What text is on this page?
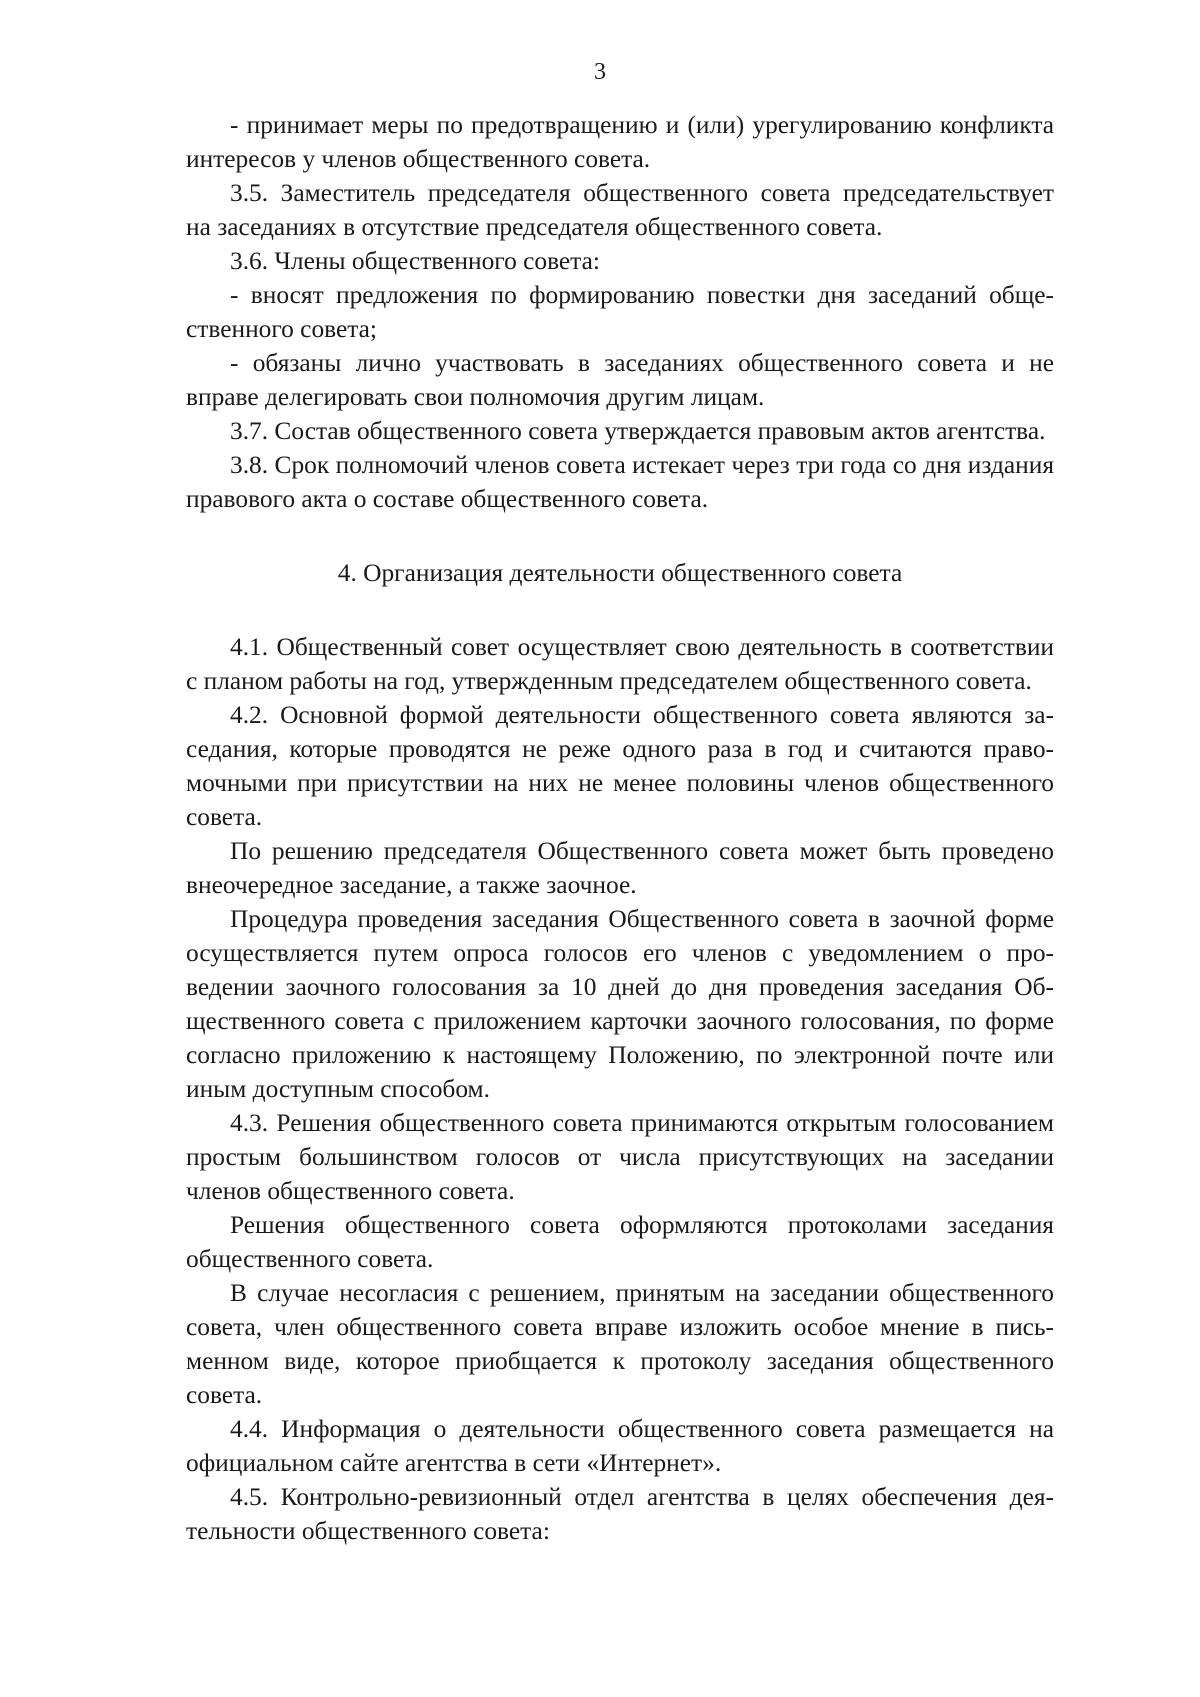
3

- принимает меры по предотвращению и (или) урегулированию конфликта интересов у членов общественного совета.

3.5. Заместитель председателя общественного совета председательствует на заседаниях в отсутствие председателя общественного совета.

3.6. Члены общественного совета:

- вносят предложения по формированию повестки дня заседаний общественного совета;

- обязаны лично участвовать в заседаниях общественного совета и не вправе делегировать свои полномочия другим лицам.

3.7. Состав общественного совета утверждается правовым актов агентства.

3.8. Срок полномочий членов совета истекает через три года со дня издания правового акта о составе общественного совета.

4. Организация деятельности общественного совета

4.1. Общественный совет осуществляет свою деятельность в соответствии с планом работы на год, утвержденным председателем общественного совета.

4.2. Основной формой деятельности общественного совета являются заседания, которые проводятся не реже одного раза в год и считаются правомочными при присутствии на них не менее половины членов общественного совета.

По решению председателя Общественного совета может быть проведено внеочередное заседание, а также заочное.

Процедура проведения заседания Общественного совета в заочной форме осуществляется путем опроса голосов его членов с уведомлением о проведении заочного голосования за 10 дней до дня проведения заседания Общественного совета с приложением карточки заочного голосования, по форме согласно приложению к настоящему Положению, по электронной почте или иным доступным способом.

4.3. Решения общественного совета принимаются открытым голосованием простым большинством голосов от числа присутствующих на заседании членов общественного совета.

Решения общественного совета оформляются протоколами заседания общественного совета.

В случае несогласия с решением, принятым на заседании общественного совета, член общественного совета вправе изложить особое мнение в письменном виде, которое приобщается к протоколу заседания общественного совета.

4.4. Информация о деятельности общественного совета размещается на официальном сайте агентства в сети «Интернет».

4.5. Контрольно-ревизионный отдел агентства в целях обеспечения деятельности общественного совета:
